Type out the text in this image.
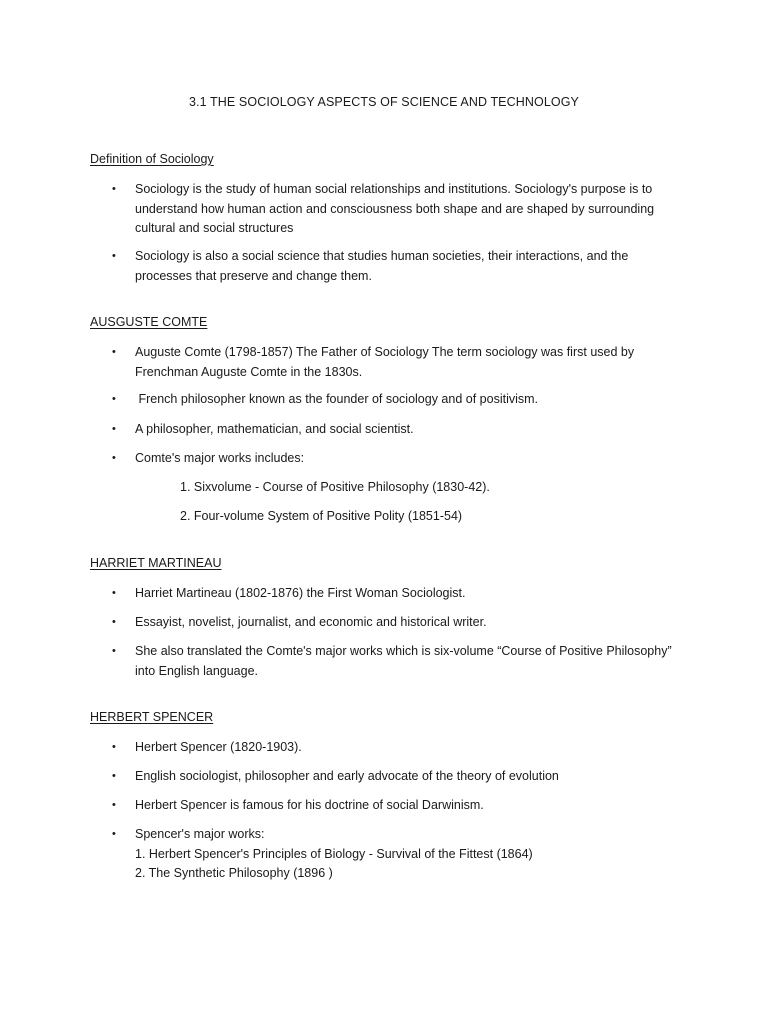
3.1 THE SOCIOLOGY ASPECTS OF SCIENCE AND TECHNOLOGY
Definition of Sociology
•	Sociology is the study of human social relationships and institutions. Sociology's purpose is to understand how human action and consciousness both shape and are shaped by surrounding cultural and social structures
•	Sociology is also a social science that studies human societies, their interactions, and the processes that preserve and change them.
AUSGUSTE COMTE
•	Auguste Comte (1798-1857) The Father of Sociology The term sociology was first used by Frenchman Auguste Comte in the 1830s.
•	French philosopher known as the founder of sociology and of positivism.
•	A philosopher, mathematician, and social scientist.
•	Comte's major works includes:
1. Sixvolume - Course of Positive Philosophy (1830-42).
2. Four-volume System of Positive Polity (1851-54)
HARRIET MARTINEAU
•	Harriet Martineau (1802-1876) the First Woman Sociologist.
•	Essayist, novelist, journalist, and economic and historical writer.
•	She also translated the Comte's major works which is six-volume “Course of Positive Philosophy” into English language.
HERBERT SPENCER
•	Herbert Spencer (1820-1903).
•	English sociologist, philosopher and early advocate of the theory of evolution
•	Herbert Spencer is famous for his doctrine of social Darwinism.
•	Spencer's major works:
1. Herbert Spencer's Principles of Biology - Survival of the Fittest (1864)
2. The Synthetic Philosophy (1896 )
